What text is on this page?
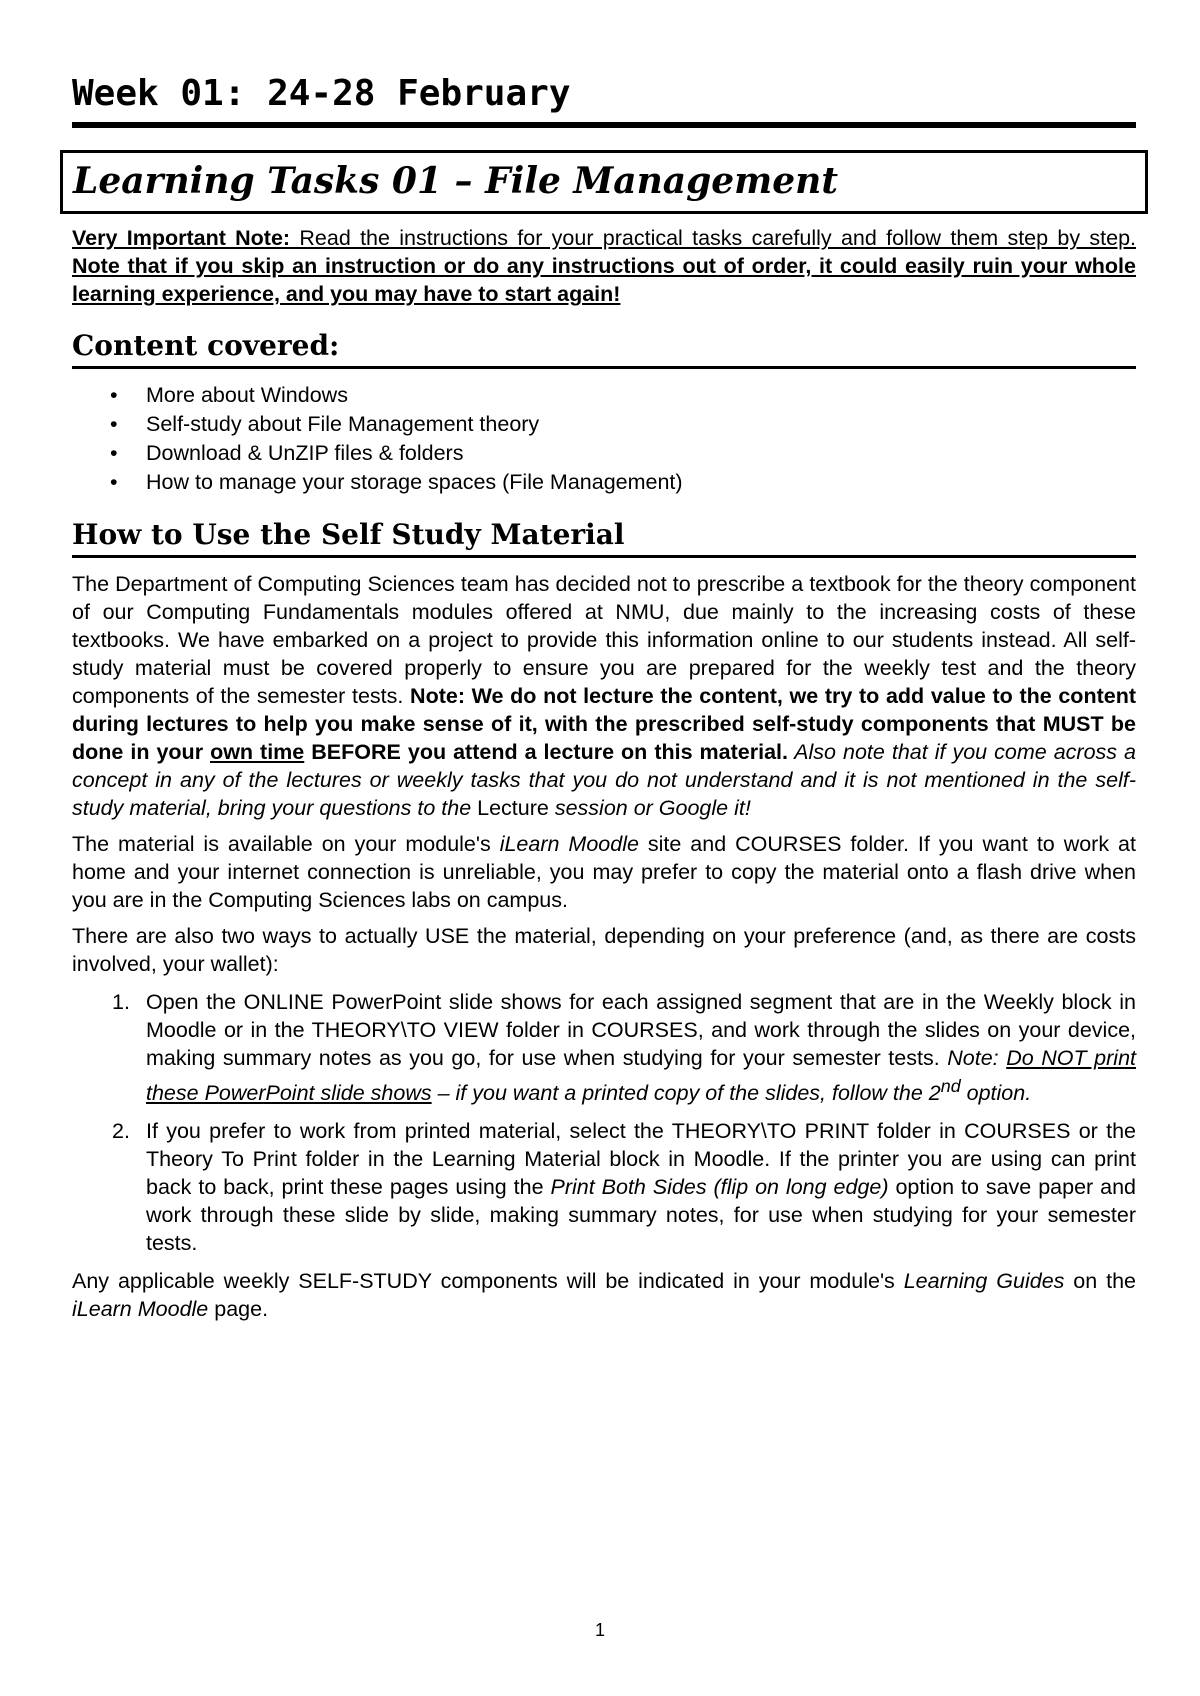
Week 01: 24-28 February
Learning Tasks 01 – File Management

Very Important Note: Read the instructions for your practical tasks carefully and follow them step by step. Note that if you skip an instruction or do any instructions out of order, it could easily ruin your whole learning experience, and you may have to start again!

Content covered:
• More about Windows
• Self-study about File Management theory
• Download & UnZIP files & folders
• How to manage your storage spaces (File Management)
How to Use the Self Study Material

The Department of Computing Sciences team has decided not to prescribe a textbook for the theory component of our Computing Fundamentals modules offered at NMU, due mainly to the increasing costs of these textbooks. We have embarked on a project to provide this information online to our students instead. All self-study material must be covered properly to ensure you are prepared for the weekly test and the theory components of the semester tests. Note: We do not lecture the content, we try to add value to the content during lectures to help you make sense of it, with the prescribed self-study components that MUST be done in your own time BEFORE you attend a lecture on this material. Also note that if you come across a concept in any of the lectures or weekly tasks that you do not understand and it is not mentioned in the self-study material, bring your questions to the Lecture session or Google it!

The material is available on your module's iLearn Moodle site and COURSES folder. If you want to work at home and your internet connection is unreliable, you may prefer to copy the material onto a flash drive when you are in the Computing Sciences labs on campus.

There are also two ways to actually USE the material, depending on your preference (and, as there are costs involved, your wallet):

1. Open the ONLINE PowerPoint slide shows for each assigned segment that are in the Weekly block in Moodle or in the THEORY\TO VIEW folder in COURSES, and work through the slides on your device, making summary notes as you go, for use when studying for your semester tests. Note: Do NOT print these PowerPoint slide shows – if you want a printed copy of the slides, follow the 2nd option.
2. If you prefer to work from printed material, select the THEORY\TO PRINT folder in COURSES or the Theory To Print folder in the Learning Material block in Moodle. If the printer you are using can print back to back, print these pages using the Print Both Sides (flip on long edge) option to save paper and work through these slide by slide, making summary notes, for use when studying for your semester tests.

Any applicable weekly SELF-STUDY components will be indicated in your module's Learning Guides on the iLearn Moodle page.

1
